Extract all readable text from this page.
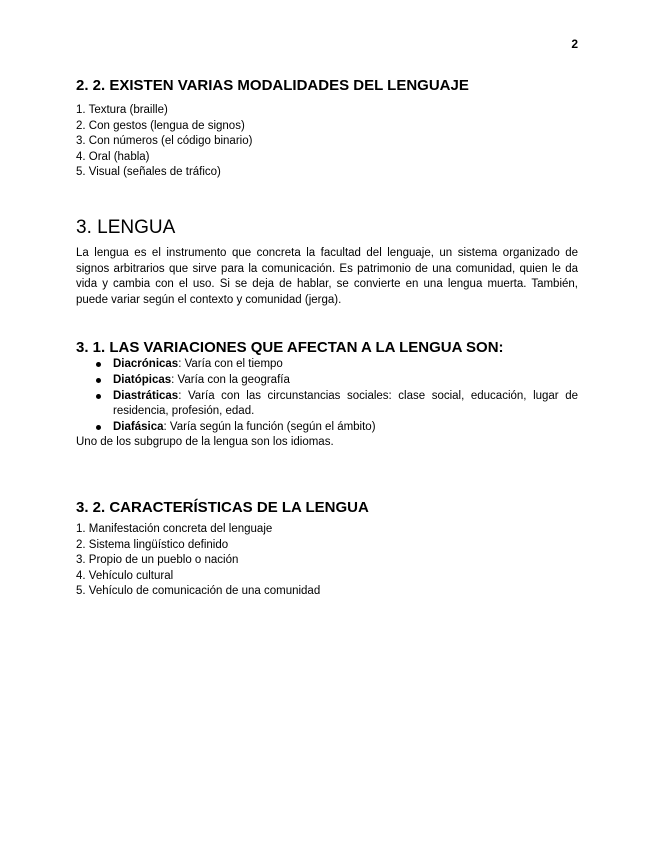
2
2. 2. EXISTEN VARIAS MODALIDADES DEL LENGUAJE
1. Textura (braille)
2. Con gestos (lengua de signos)
3. Con números (el código binario)
4. Oral (habla)
5. Visual (señales de tráfico)
3. LENGUA

La lengua es el instrumento que concreta la facultad del lenguaje, un sistema organizado de signos arbitrarios que sirve para la comunicación. Es patrimonio de una comunidad, quien le da vida y cambia con el uso. Si se deja de hablar, se convierte en una lengua muerta. También, puede variar según el contexto y comunidad (jerga).

3. 1. LAS VARIACIONES QUE AFECTAN A LA LENGUA SON:
Diacrónicas: Varía con el tiempo
Diatópicas: Varía con la geografía
Diastráticas: Varía con las circunstancias sociales: clase social, educación, lugar de residencia, profesión, edad.
Diafásica: Varía según la función (según el ámbito)

Uno de los subgrupo de la lengua son los idiomas.

3. 2. CARACTERÍSTICAS DE LA LENGUA
1. Manifestación concreta del lenguaje
2. Sistema lingüístico definido
3. Propio de un pueblo o nación
4. Vehículo cultural
5. Vehículo de comunicación de una comunidad
